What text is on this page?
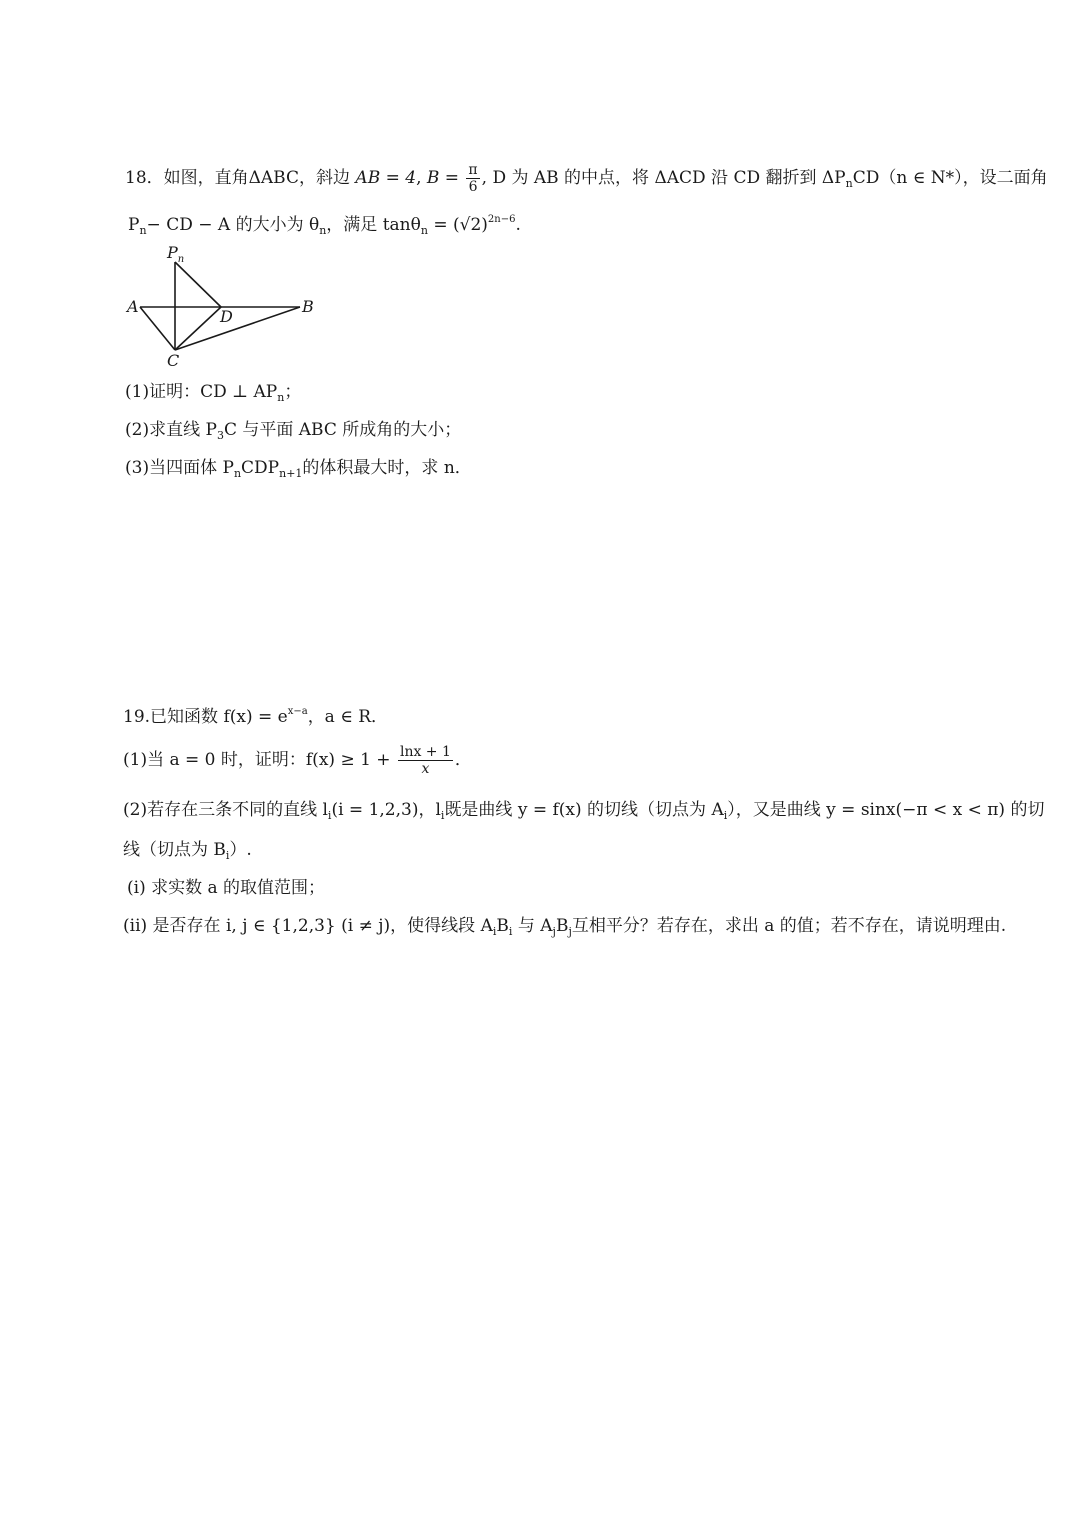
18．如图，直角ΔABC，斜边 AB = 4, $B = \frac{\pi}{6}$ , D 为 AB 的中点，将 ΔACD 沿 CD 翻折到 $\Delta P_nCD(n$ ∈ N*），设二面角
$P_n-$ CD − A 的大小为 $\theta_n$，满足 $\tan\theta_n = (√2)^{2n-6}$.
$P_n$
A	B
C
D
(1)证明：CD ⊥ $AP_n$；
(2)求直线 $P_3C$ 与平面 ABC 所成角的大小；
(3)当四面体 $P_nCDP_{n+1}$的体积最大时，求 n．
19.已知函数 $f(x) = e^{x-a}$，a ∈ R．
(1)当 a = 0 时，证明：$f(x) \ge 1 + \frac{\ln x + 1}{x}$ ．
(2)若存在三条不同的直线 $l_i(i = 1,2,3)$，$l_i$既是曲线 y = f(x) 的切线（切点为 $A_i$），又是曲线 y = sinx(−π < x < π) 的切
线（切点为 $B_i$）.
(i) 求实数 a 的取值范围；
(ii) 是否存在 i, j ∈ {1,2,3} (i ≠ j)，使得线段 $A_iB_i$ 与 $A_jB_j$互相平分？若存在，求出 a 的值；若不存在，请说明理由.
